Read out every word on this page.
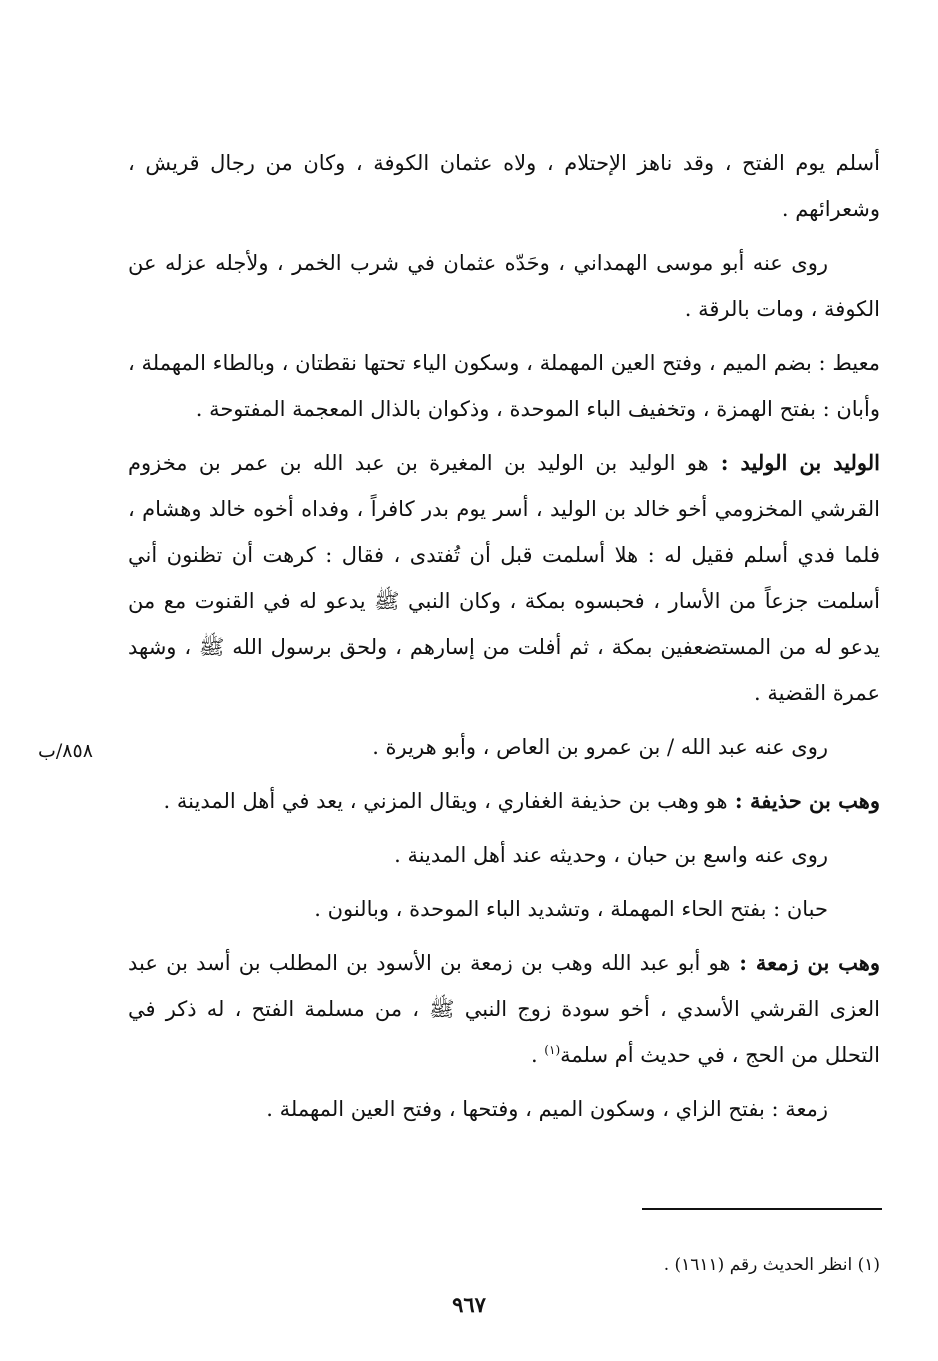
أسلم يوم الفتح ، وقد ناهز الإحتلام ، ولاه عثمان الكوفة ، وكان من رجال قريش ، وشعرائهم .

روى عنه أبو موسى الهمداني ، وحَدّه عثمان في شرب الخمر ، ولأجله عزله عن الكوفة ، ومات بالرقة .

معيط : بضم الميم ، وفتح العين المهملة ، وسكون الياء تحتها نقطتان ، وبالطاء المهملة ، وأبان : بفتح الهمزة ، وتخفيف الباء الموحدة ، وذكوان بالذال المعجمة المفتوحة .

الوليد بن الوليد : هو الوليد بن الوليد بن المغيرة بن عبد الله بن عمر بن مخزوم القرشي المخزومي أخو خالد بن الوليد ، أسر يوم بدر كافراً ، وفداه أخوه خالد وهشام ، فلما فدي أسلم فقيل له : هلا أسلمت قبل أن تُفتدى ، فقال : كرهت أن تظنون أني أسلمت جزعاً من الأسار ، فحبسوه بمكة ، وكان النبي ﷺ يدعو له في القنوت مع من يدعو له من المستضعفين بمكة ، ثم أفلت من إسارهم ، ولحق برسول الله ﷺ ، وشهد عمرة القضية .

روى عنه عبد الله / بن عمرو بن العاص ، وأبو هريرة .

وهب بن حذيفة : هو وهب بن حذيفة الغفاري ، ويقال المزني ، يعد في أهل المدينة .

روى عنه واسع بن حبان ، وحديثه عند أهل المدينة .

حبان : بفتح الحاء المهملة ، وتشديد الباء الموحدة ، وبالنون .

وهب بن زمعة : هو أبو عبد الله وهب بن زمعة بن الأسود بن المطلب بن أسد بن عبد العزى القرشي الأسدي ، أخو سودة زوج النبي ﷺ ، من مسلمة الفتح ، له ذكر في التحلل من الحج ، في حديث أم سلمة$^{(١)}$ .

زمعة : بفتح الزاي ، وسكون الميم ، وفتحها ، وفتح العين المهملة .

٨٥٨/ب
(١) انظر الحديث رقم (١٦١١) .
٩٦٧
